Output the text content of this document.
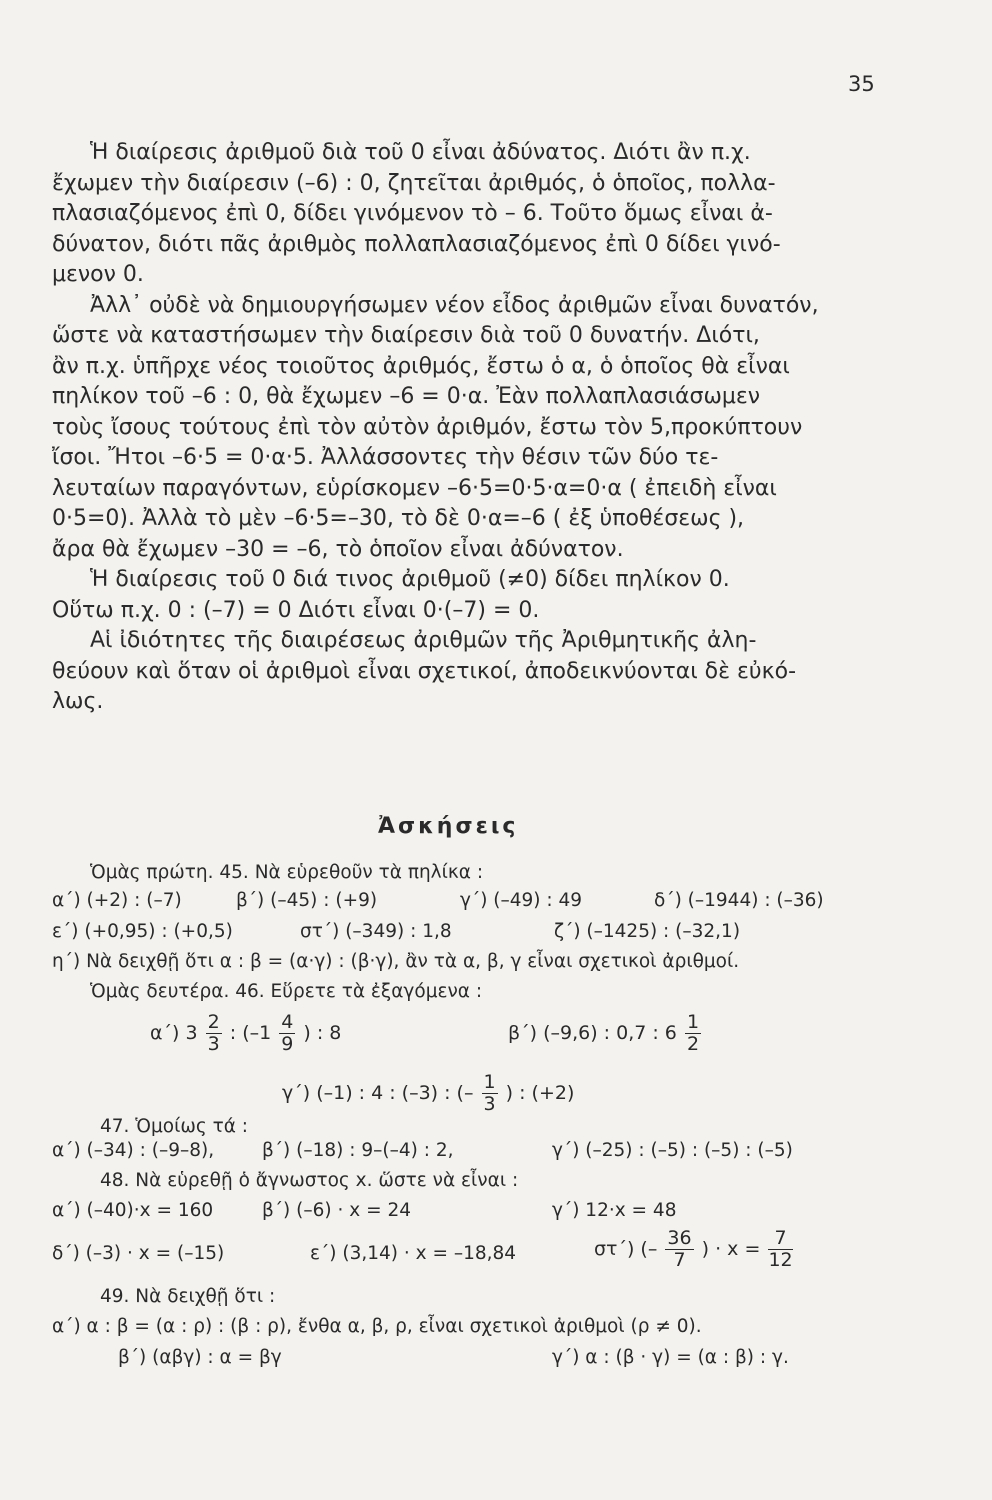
35
Ἡ διαίρεσις ἀριθμοῦ διὰ τοῦ 0 εἶναι ἀδύνατος. Διότι ἂν π.χ.
ἔχωμεν τὴν διαίρεσιν (–6) : 0, ζητεῖται ἀριθμός, ὁ ὁποῖος, πολλα-
πλασιαζόμενος ἐπὶ 0, δίδει γινόμενον τὸ – 6. Τοῦτο ὅμως εἶναι ἀ-
δύνατον, διότι πᾶς ἀριθμὸς πολλαπλασιαζόμενος ἐπὶ 0 δίδει γινό-
μενον 0.
Ἀλλ᾽ οὐδὲ νὰ δημιουργήσωμεν νέον εἶδος ἀριθμῶν εἶναι δυνατόν,
ὥστε νὰ καταστήσωμεν τὴν διαίρεσιν διὰ τοῦ 0 δυνατήν. Διότι,
ἂν π.χ. ὑπῆρχε νέος τοιοῦτος ἀριθμός, ἔστω ὁ α, ὁ ὁποῖος θὰ εἶναι
πηλίκον τοῦ –6 : 0, θὰ ἔχωμεν –6 = 0·α. Ἐὰν πολλαπλασιάσωμεν
τοὺς ἴσους τούτους ἐπὶ τὸν αὐτὸν ἀριθμόν, ἔστω τὸν 5,προκύπτουν
ἴσοι. Ἤτοι –6·5 = 0·α·5. Ἀλλάσσοντες τὴν θέσιν τῶν δύο τε-
λευταίων παραγόντων, εὑρίσκομεν –6·5=0·5·α=0·α ( ἐπειδὴ εἶναι
0·5=0). Ἀλλὰ τὸ μὲν –6·5=–30, τὸ δὲ 0·α=–6 ( ἐξ ὑποθέσεως ),
ἄρα θὰ ἔχωμεν –30 = –6, τὸ ὁποῖον εἶναι ἀδύνατον.
Ἡ διαίρεσις τοῦ 0 διά τινος ἀριθμοῦ (≠0) δίδει πηλίκον 0.
Οὕτω π.χ. 0 : (–7) = 0 Διότι εἶναι 0·(–7) = 0.
Αἱ ἰδιότητες τῆς διαιρέσεως ἀριθμῶν τῆς Ἀριθμητικῆς ἀλη-
θεύουν καὶ ὅταν οἱ ἀριθμοὶ εἶναι σχετικοί, ἀποδεικνύονται δὲ εὐκό-
λως.
Ἀσκήσεις
Ὁμὰς πρώτη. 45. Νὰ εὑρεθοῦν τὰ πηλίκα :
α΄) (+2) : (–7)	β΄) (–45) : (+9)	γ΄) (–49) : 49	δ΄) (–1944) : (–36)
ε΄) (+0,95) : (+0,5)	στ΄) (–349) : 1,8	ζ΄) (–1425) : (–32,1)
η΄) Νὰ δειχθῇ ὅτι α : β = (α·γ) : (β·γ), ἂν τὰ α, β, γ εἶναι σχετικοὶ ἀριθμοί.
Ὁμὰς δευτέρα. 46. Εὕρετε τὰ ἐξαγόμενα :
α΄) $3 \frac{2}{3}$ : ($-1 \frac{4}{9}$ ) : 8	β΄) (–9,6) : 0,7 : $6 \frac{1}{2}$
γ΄) (–1) : 4 : (–3) : (– $\frac{1}{3}$ ) : (+2)
47. Ὁμοίως τά :
α΄) (–34) : (–9–8),	β΄) (–18) : 9–(–4) : 2,	γ΄) (–25) : (–5) : (–5) : (–5)
48. Νὰ εὑρεθῇ ὁ ἄγνωστος x. ὥστε νὰ εἶναι :
α΄) (–40)·x = 160	β΄) (–6) · x = 24	γ΄) 12·x = 48
δ΄) (–3) · x = (–15)	ε΄) (3,14) · x = –18,84	στ΄) (– $\frac{36}{7}$ ) · $x = \frac{7}{12}$
49. Νὰ δειχθῇ ὅτι :
α΄) α : β = (α : ρ) : (β : ρ), ἔνθα α, β, ρ, εἶναι σχετικοὶ ἀριθμοὶ (ρ ≠ 0).
β΄) (αβγ) : α = βγ	γ΄) α : (β · γ) = (α : β) : γ.
